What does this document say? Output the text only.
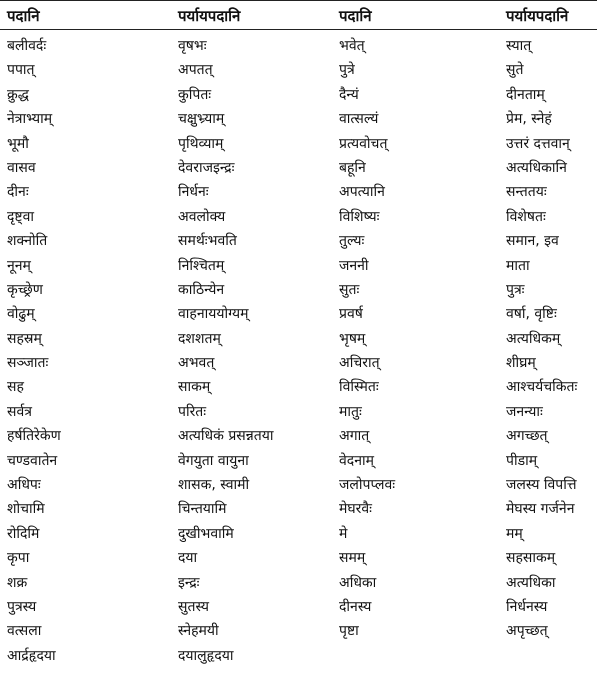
पदानि	पर्यायपदानि	पदानि	पर्यायपदानि
बलीवर्दः	वृषभः	भवेत्	स्यात्
पपात्	अपतत्	पुत्रे	सुते
क्रुद्ध	कुपितः	दैन्यं	दीनताम्
नेत्राभ्याम्	चक्षुभ्र्याम्	वात्सल्यं	प्रेम, स्नेहं
भूमौ	पृथिव्याम्	प्रत्यवोचत्	उत्तरं दत्तवान्
वासव	देवराजइन्द्रः	बहूनि	अत्यधिकानि
दीनः	निर्धनः	अपत्यानि	सन्ततयः
दृष्ट्वा	अवलोक्य	विशिष्यः	विशेषतः
शक्नोति	समर्थःभवति	तुल्यः	समान, इव
नूनम्	निश्चितम्	जननी	माता
कृच्छ्रेण	काठिन्येन	सुतः	पुत्रः
वोढुम्	वाहनाययोग्यम्	प्रवर्ष	वर्षा, वृष्टिः
सहस्रम्	दशशतम्	भृषम्	अत्यधिकम्
सञ्जातः	अभवत्	अचिरात्	शीघ्रम्
सह	साकम्	विस्मितः	आश्चर्यचकितः
सर्वत्र	परितः	मातुः	जनन्याः
हर्षतिरेकेण	अत्यधिकं प्रसन्नतया	अगात्	अगच्छत्
चण्डवातेन	वेगयुता वायुना	वेदनाम्	पीडाम्
अधिपः	शासक, स्वामी	जलोपप्लवः	जलस्य विपत्ति
शोचामि	चिन्तयामि	मेघरवैः	मेघस्य गर्जनेन
रोदिमि	दुखीभवामि	मे	मम्
कृपा	दया	समम्	सहसाकम्
शक्र	इन्द्रः	अधिका	अत्यधिका
पुत्रस्य	सुतस्य	दीनस्य	निर्धनस्य
वत्सला	स्नेहमयी	पृष्टा	अपृच्छत्
आर्द्रहृदया	दयालुहृदया
